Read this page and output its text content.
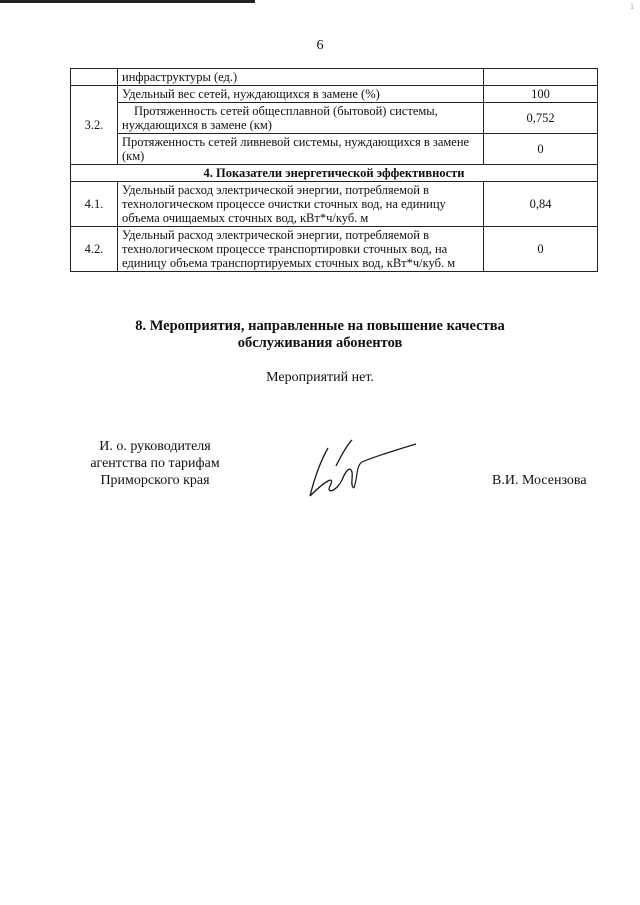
1
6
	инфраструктуры (ед.)	
3.2.	Удельный вес сетей, нуждающихся в замене (%)	100
	Протяженность сетей общесплавной (бытовой) системы, нуждающихся в замене (км)	0,752
	Протяженность сетей ливневой системы, нуждающихся в замене (км)	0
4. Показатели энергетической эффективности		
4.1.	Удельный расход электрической энергии, потребляемой в технологическом процессе очистки сточных вод, на единицу объема очищаемых сточных вод, кВт*ч/куб. м	0,84
4.2.	Удельный расход электрической энергии, потребляемой в технологическом процессе транспортировки сточных вод, на единицу объема транспортируемых сточных вод, кВт*ч/куб. м	0
8. Мероприятия, направленные на повышение качества
обслуживания абонентов
Мероприятий нет.
И. о. руководителя
агентства по тарифам
Приморского края	В.И. Мосензова
